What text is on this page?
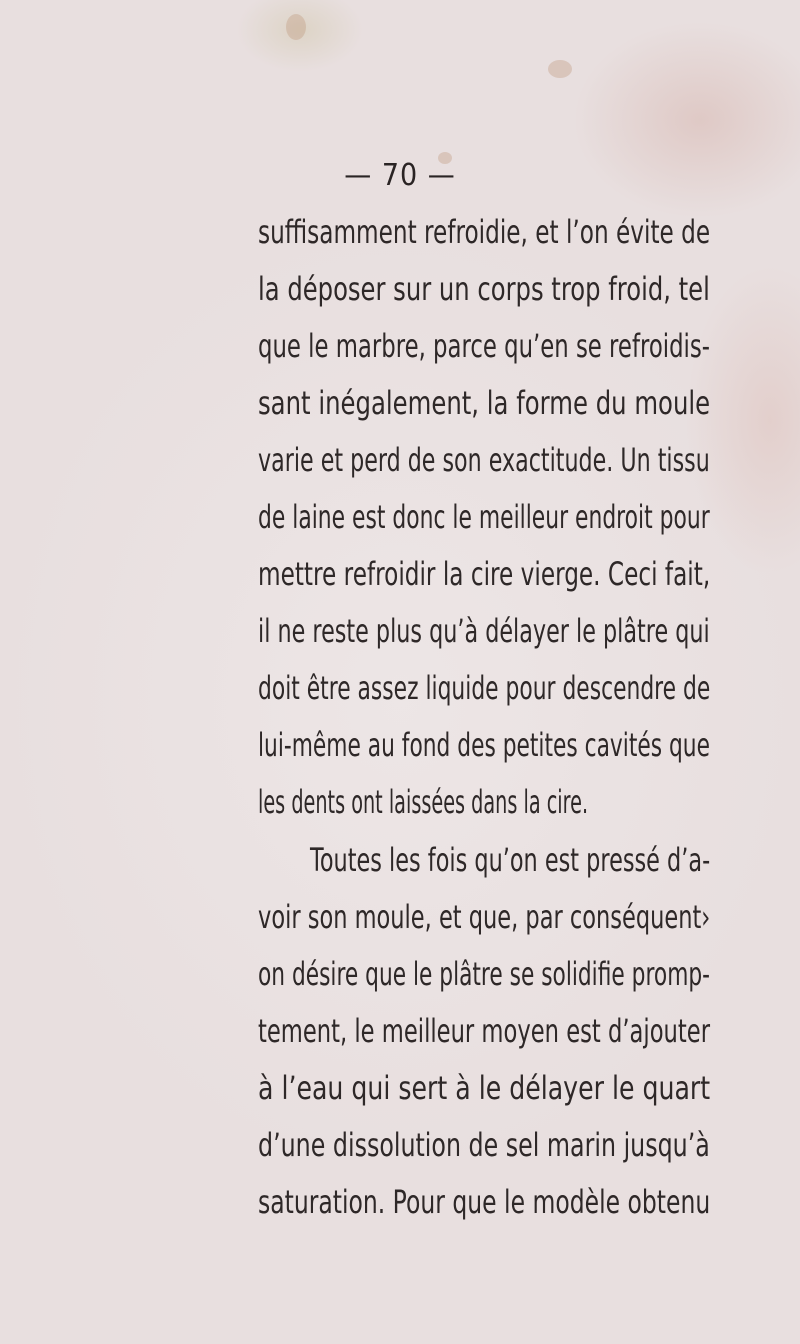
— 70 —
suffisamment refroidie, et l’on évite de
la déposer sur un corps trop froid, tel
que le marbre, parce qu’en se refroidis-
sant inégalement, la forme du moule
varie et perd de son exactitude. Un tissu
de laine est donc le meilleur endroit pour
mettre refroidir la cire vierge. Ceci fait,
il ne reste plus qu’à délayer le plâtre qui
doit être assez liquide pour descendre de
lui-même au fond des petites cavités que
les dents ont laissées dans la cire.
Toutes les fois qu’on est pressé d’a-
voir son moule, et que, par conséquent›
on désire que le plâtre se solidifie promp-
tement, le meilleur moyen est d’ajouter
à l’eau qui sert à le délayer le quart
d’une dissolution de sel marin jusqu’à
saturation. Pour que le modèle obtenu
